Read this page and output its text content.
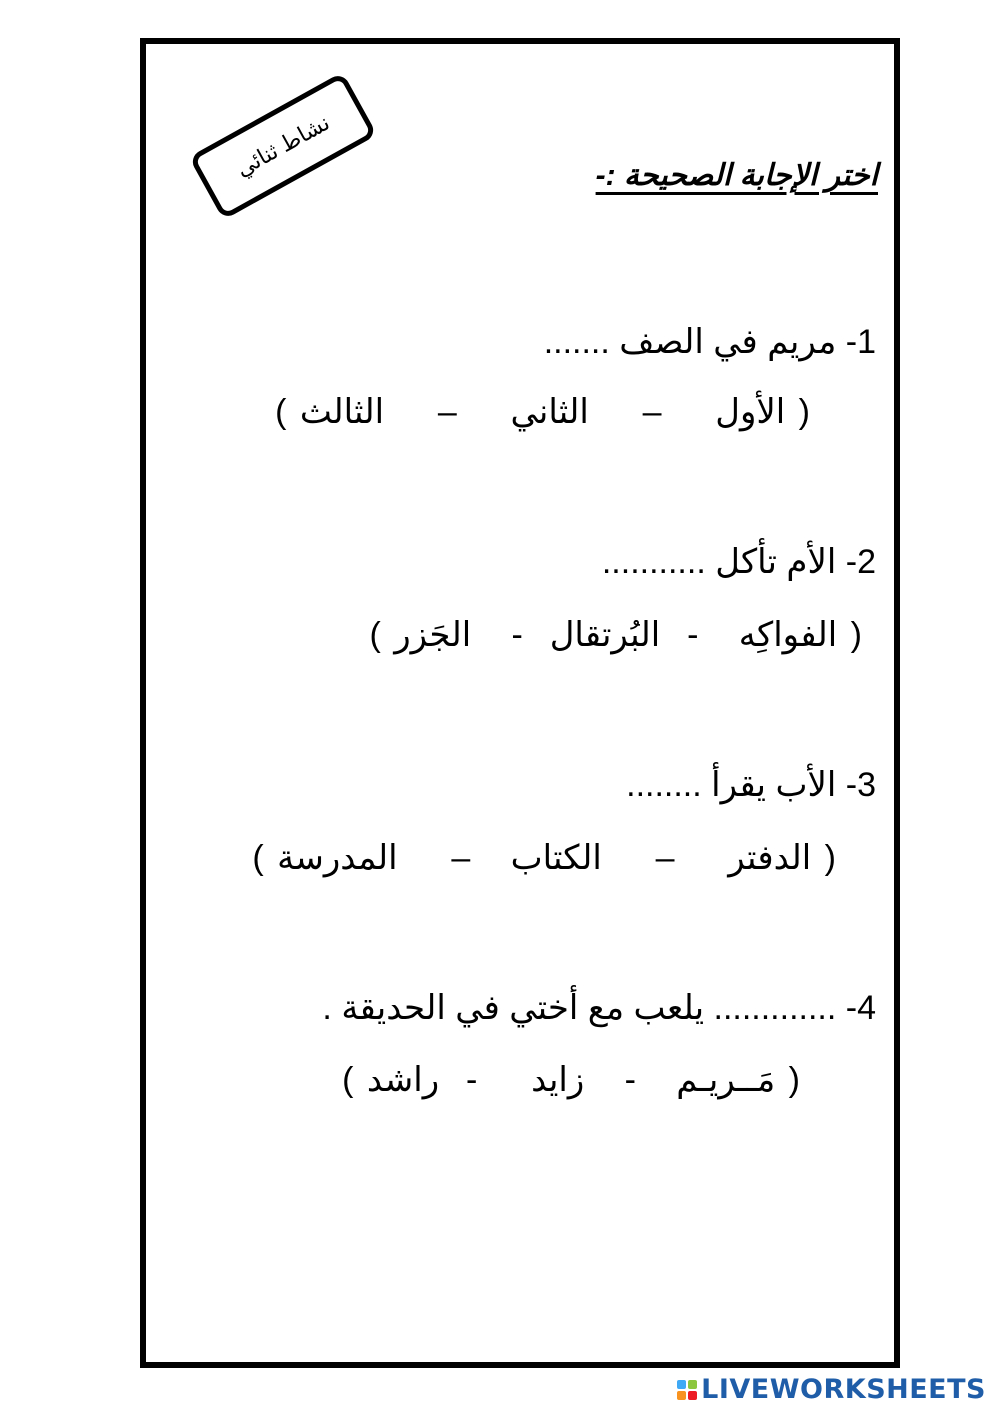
نشاط ثنائي	اختر الإجابة الصحيحة :-
1- مريم في الصف .......
( الأول    –    الثاني    –    الثالث )
2- الأم تأكل ...........
( الفواكِه   -  البُرتقال  -   الجَزر )
3- الأب يقرأ ........
( الدفتر    –    الكتاب   –    المدرسة )
4- ............. يلعب مع أختي في الحديقة .
( مَــريـم   -   زايد    -  راشد )
LIVEWORKSHEETS
